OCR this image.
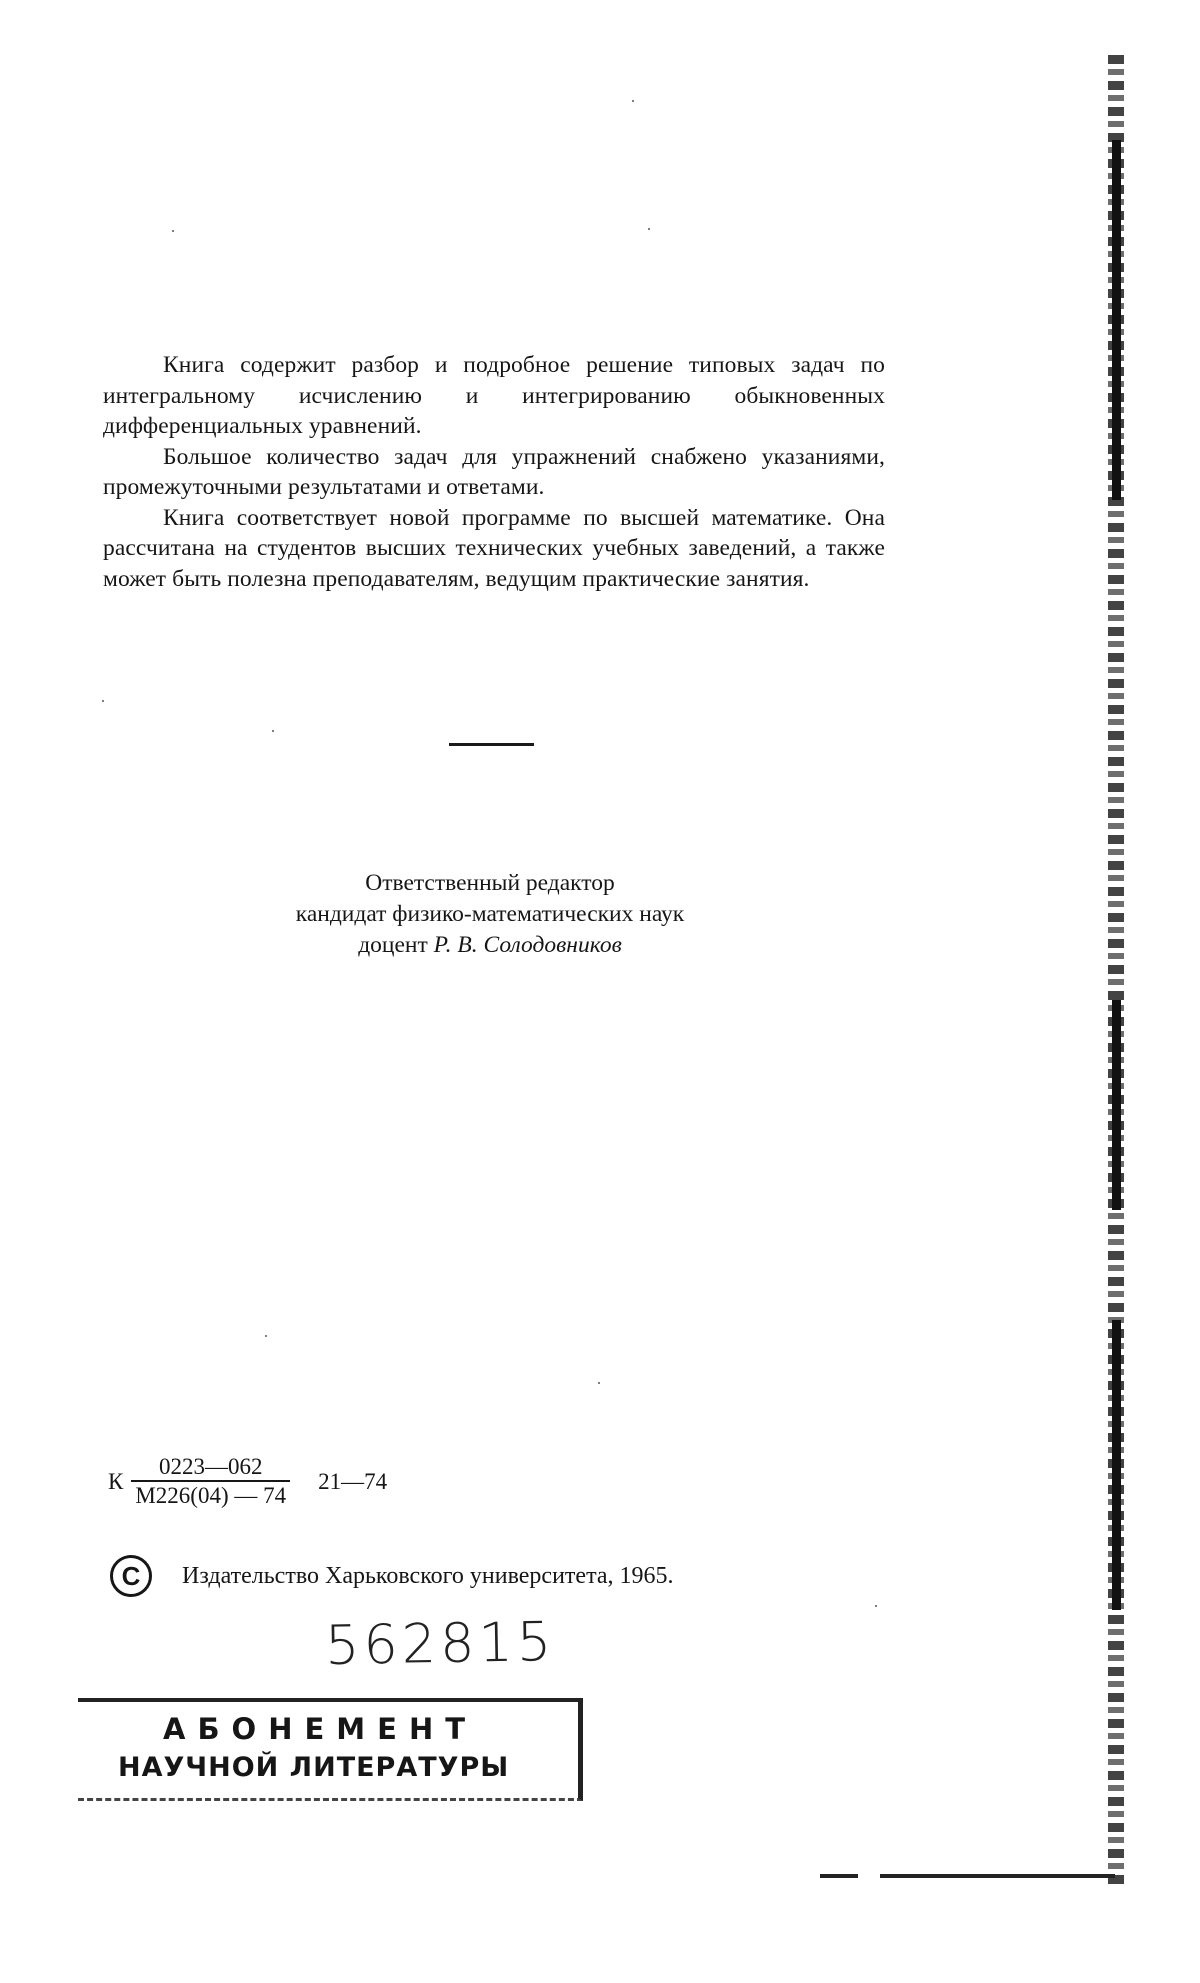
Книга содержит разбор и подробное решение типовых задач по интегральному исчислению и интегрированию обыкновенных дифференциальных уравнений.

Большое количество задач для упражнений снабжено указаниями, промежуточными результатами и ответами.

Книга соответствует новой программе по высшей математике. Она рассчитана на студентов высших технических учебных заведений, а также может быть полезна преподавателям, ведущим практические занятия.

Ответственный редактор
кандидат физико-математических наук
доцент Р. В. Солодовников
К $\frac{0223—062}{М226(04) — 74}$ 21—74
C	Издательство Харьковского университета, 1965.
562815
АБОНЕМЕНТ
НАУЧНОЙ ЛИТЕРАТУРЫ
